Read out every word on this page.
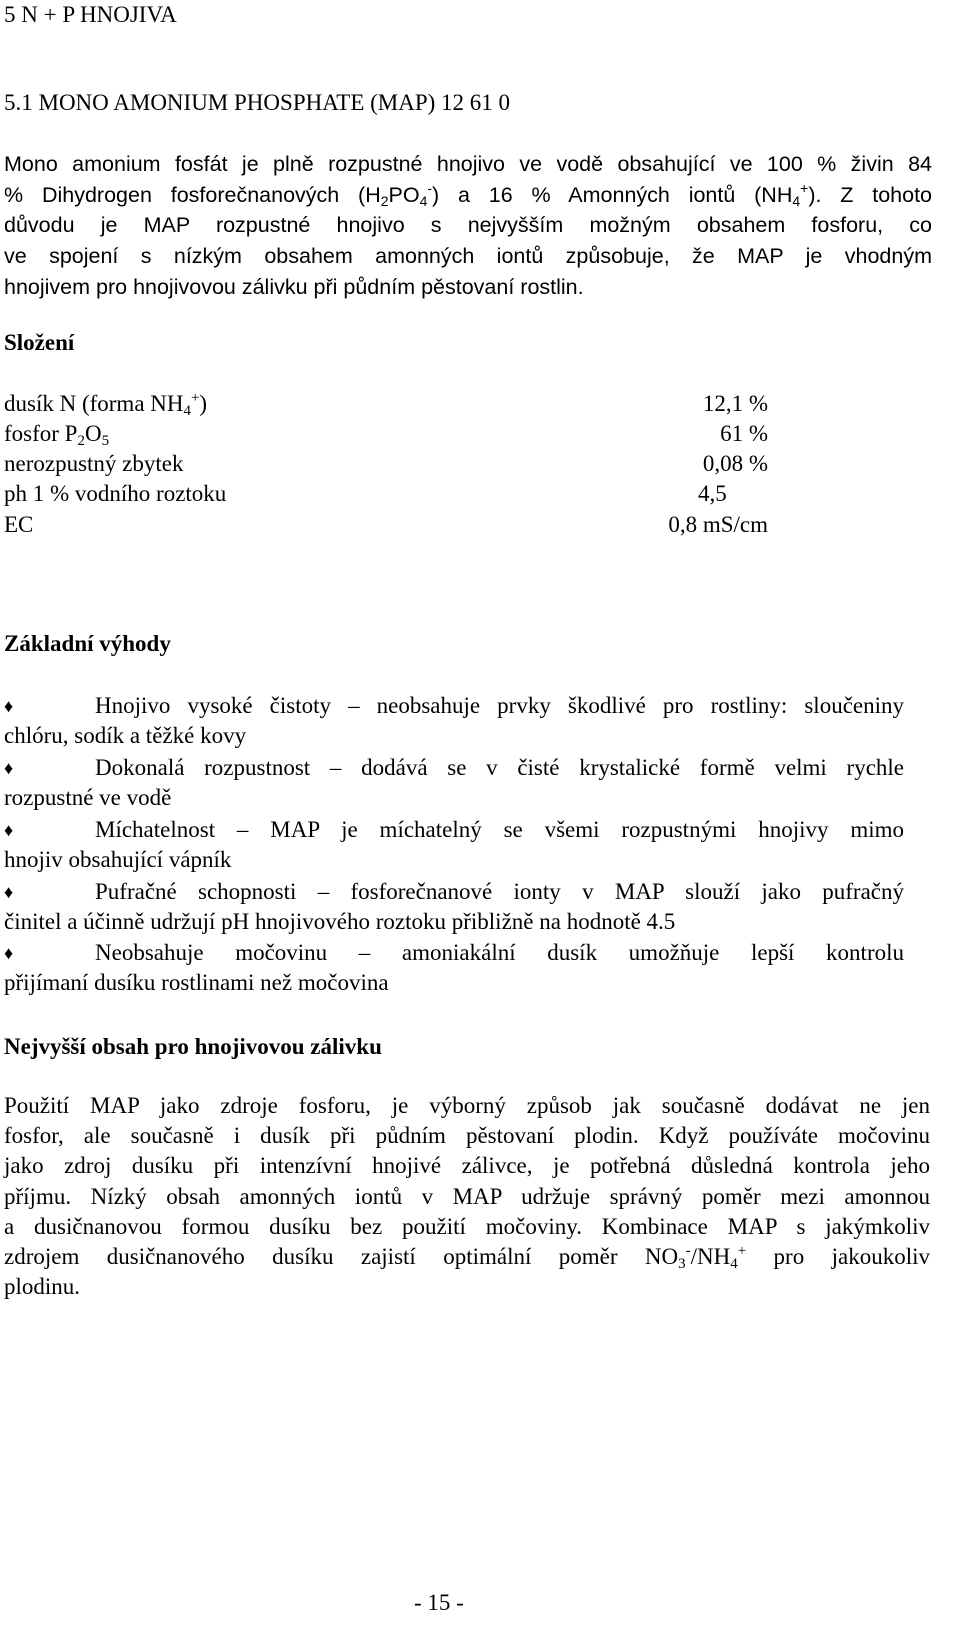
5 N + P HNOJIVA
5.1 MONO AMONIUM PHOSPHATE (MAP) 12 61 0
Mono amonium fosfát je plně rozpustné hnojivo ve vodě obsahující ve 100 % živin 84
% Dihydrogen fosforečnanových $(H_2PO_4^-)$ a 16 % Amonných iontů $(NH_4^+)$. Z tohoto
důvodu je MAP rozpustné hnojivo s nejvyšším možným obsahem fosforu, co
ve spojení s nízkým obsahem amonných iontů způsobuje, že MAP je vhodným
hnojivem pro hnojivovou zálivku při půdním pěstovaní rostlin.
Složení
dusík N (forma $NH_4^+$)	12,1 %
fosfor $P_2O_5$	61 %
nerozpustný zbytek	0,08 %
ph 1 % vodního roztoku	4,5
EC	0,8 mS/cm
Základní výhody
♦	Hnojivo vysoké čistoty – neobsahuje prvky škodlivé pro rostliny: sloučeniny
chlóru, sodík a těžké kovy
♦	Dokonalá rozpustnost – dodává se v čisté krystalické formě velmi rychle
rozpustné ve vodě
♦	Míchatelnost – MAP je míchatelný se všemi rozpustnými hnojivy mimo
hnojiv obsahující vápník
♦	Pufračné schopnosti – fosforečnanové ionty v MAP slouží jako pufračný
činitel a účinně udržují pH hnojivového roztoku přibližně na hodnotě 4.5
♦	Neobsahuje močovinu – amoniakální dusík umožňuje lepší kontrolu
přijímaní dusíku rostlinami než močovina
Nejvyšší obsah pro hnojivovou zálivku
Použití MAP jako zdroje fosforu, je výborný způsob jak současně dodávat ne jen
fosfor, ale současně i dusík při půdním pěstovaní plodin. Když používáte močovinu
jako zdroj dusíku při intenzívní hnojivé zálivce, je potřebná důsledná kontrola jeho
příjmu. Nízký obsah amonných iontů v MAP udržuje správný poměr mezi amonnou
a dusičnanovou formou dusíku bez použití močoviny. Kombinace MAP s jakýmkoliv
zdrojem dusičnanového dusíku zajistí optimální poměr $NO_3^-/NH_4^+$ pro jakoukoliv
plodinu.
- 15 -
